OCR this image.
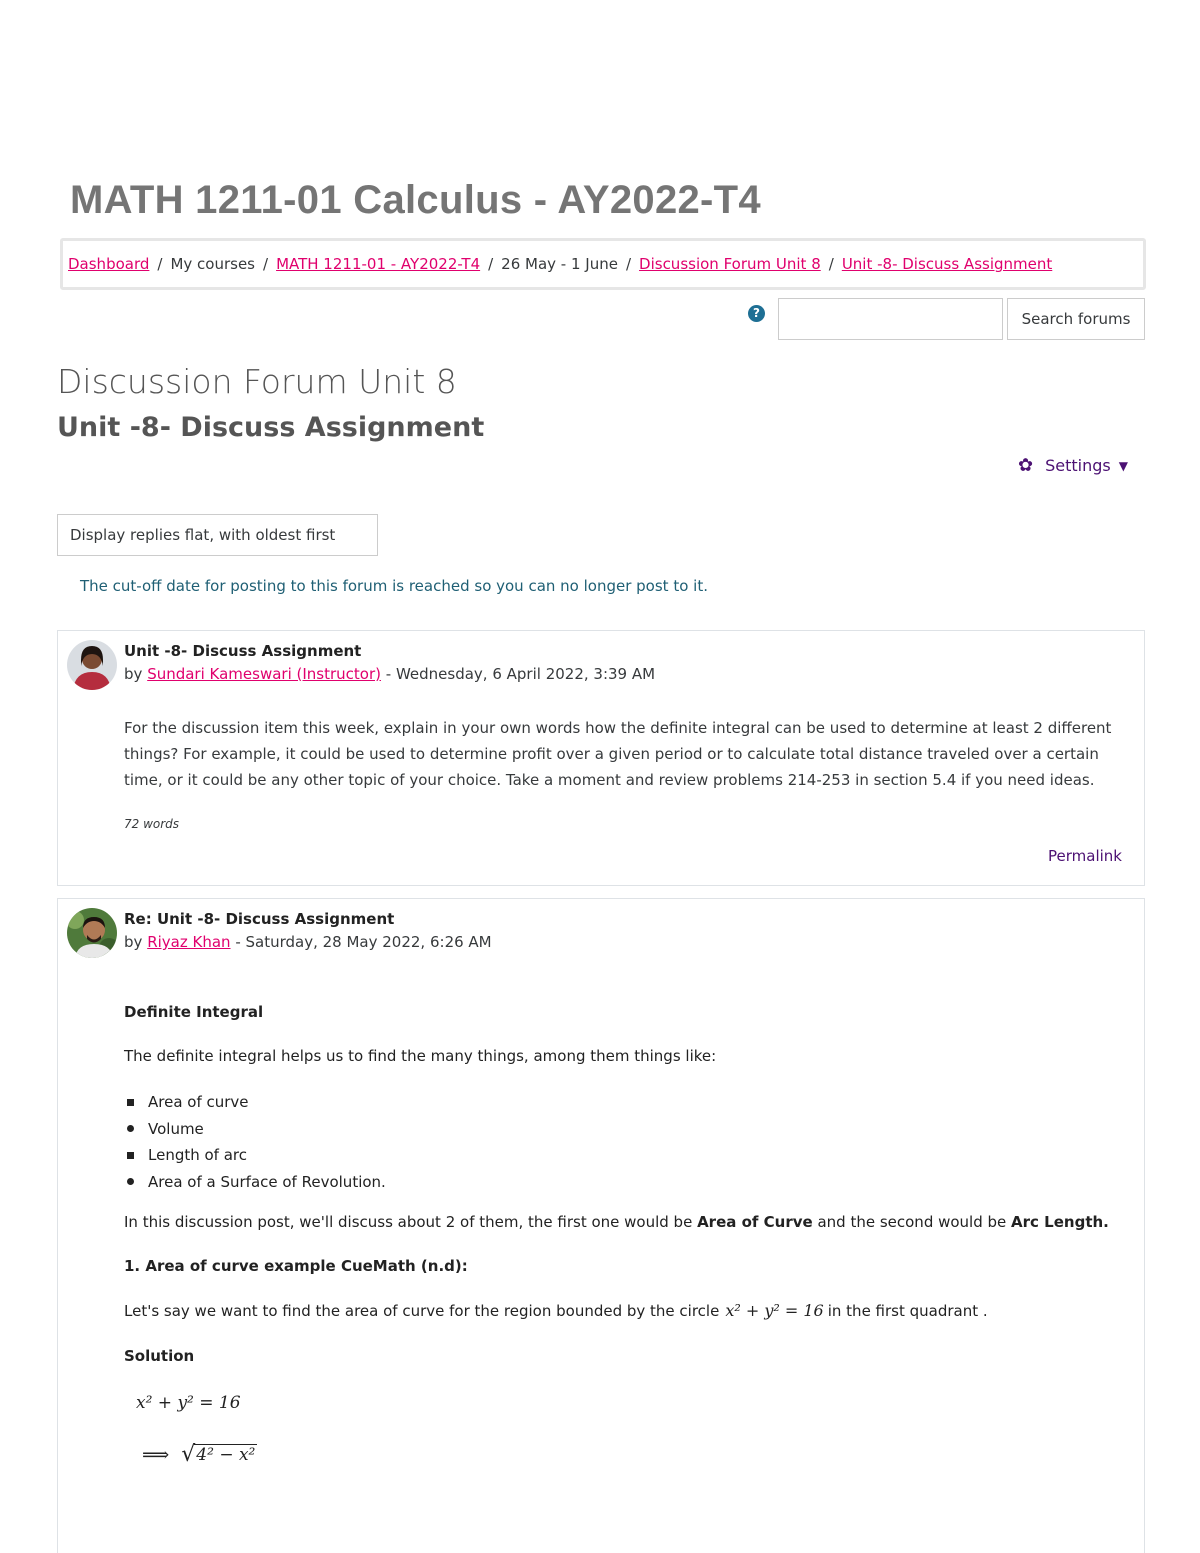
MATH 1211-01 Calculus - AY2022-T4
Dashboard / My courses / MATH 1211-01 - AY2022-T4 / 26 May - 1 June / Discussion Forum Unit 8 / Unit -8- Discuss Assignment
?	Search forums
Discussion Forum Unit 8
Unit -8- Discuss Assignment
✿ Settings ▼
Display replies flat, with oldest first
The cut-off date for posting to this forum is reached so you can no longer post to it.
Unit -8- Discuss Assignment
by Sundari Kameswari (Instructor) - Wednesday, 6 April 2022, 3:39 AM
For the discussion item this week, explain in your own words how the definite integral can be used to determine at least 2 different things? For example, it could be used to determine profit over a given period or to calculate total distance traveled over a certain time, or it could be any other topic of your choice. Take a moment and review problems 214-253 in section 5.4 if you need ideas.
72 words
Permalink
Re: Unit -8- Discuss Assignment
by Riyaz Khan - Saturday, 28 May 2022, 6:26 AM
Definite Integral
The definite integral helps us to find the many things, among them things like:
Area of curve
Volume
Length of arc
Area of a Surface of Revolution.
In this discussion post, we'll discuss about 2 of them, the first one would be Area of Curve and the second would be Arc Length.
1. Area of curve example CueMath (n.d):
Let's say we want to find the area of curve for the region bounded by the circle x² + y² = 16 in the first quadrant .
Solution
x² + y² = 16
⟹ √ 4² − x²
